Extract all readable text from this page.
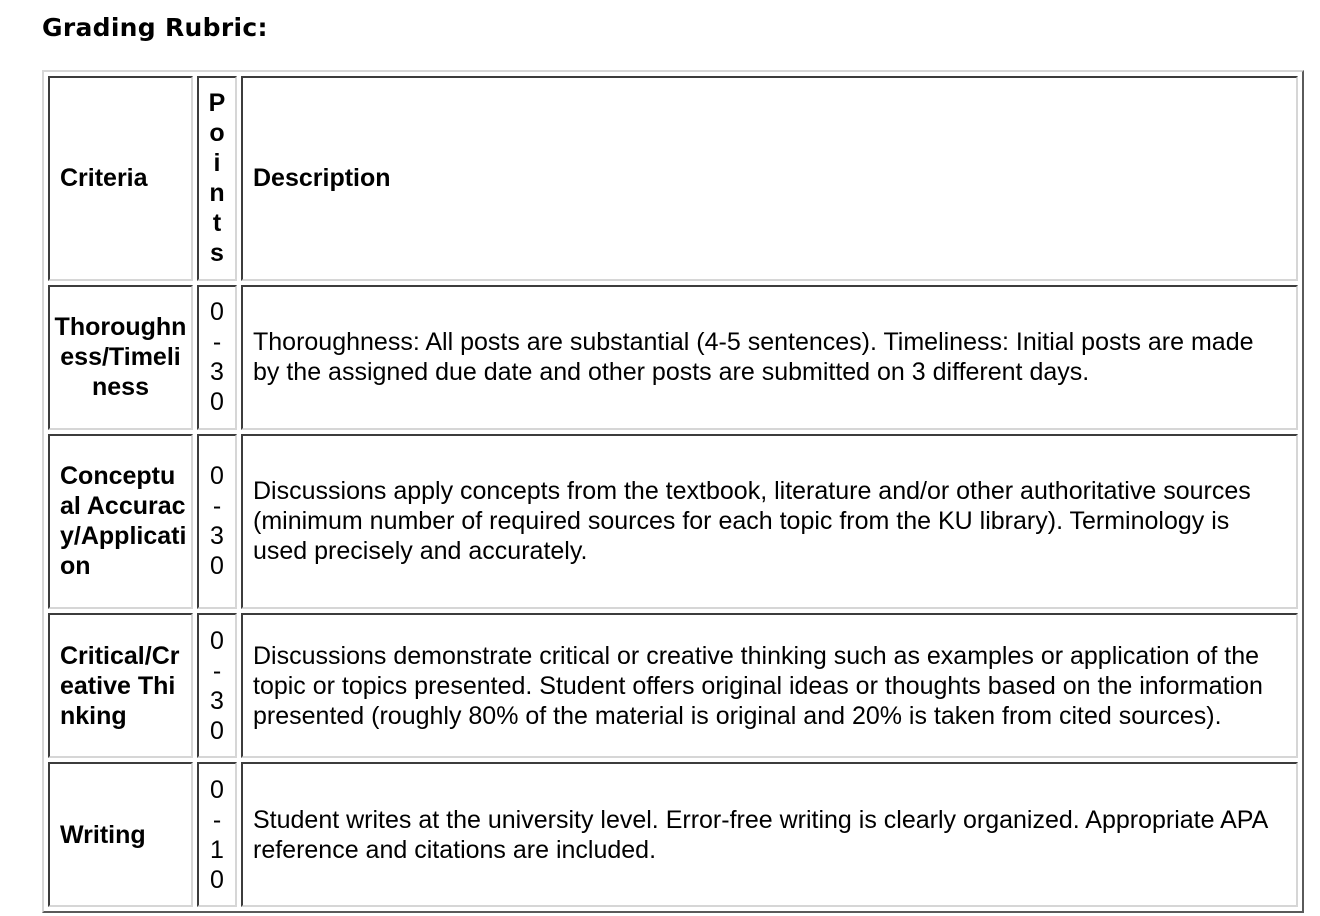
Grading Rubric:
Criteria	Points	Description
Thoroughness/Timeliness	0-30	Thoroughness: All posts are substantial (4-5 sentences). Timeliness: Initial posts are made by the assigned due date and other posts are submitted on 3 different days.
Conceptual Accuracy/Application	0-30	Discussions apply concepts from the textbook, literature and/or other authoritative sources (minimum number of required sources for each topic from the KU library). Terminology is used precisely and accurately.
Critical/Creative Thinking	0-30	Discussions demonstrate critical or creative thinking such as examples or application of the topic or topics presented. Student offers original ideas or thoughts based on the information presented (roughly 80% of the material is original and 20% is taken from cited sources).
Writing	0-10	Student writes at the university level. Error-free writing is clearly organized. Appropriate APA reference and citations are included.
